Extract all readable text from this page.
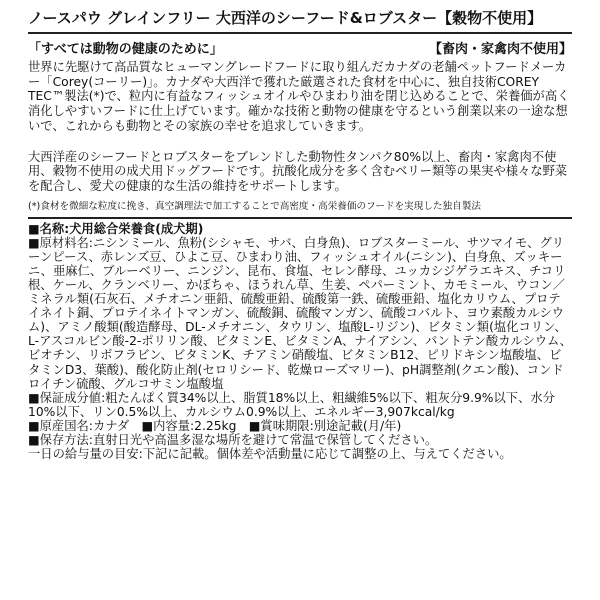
ノースパウ グレインフリー 大西洋のシーフード&ロブスター【穀物不使用】
「すべては動物の健康のために」	【畜肉・家禽肉不使用】

世界に先駆けて高品質なヒューマングレードフードに取り組んだカナダの老舗ペットフードメーカー「Corey(コーリー)」。カナダや大西洋で獲れた厳選された食材を中心に、独自技術COREY TEC™製法(*)で、粒内に有益なフィッシュオイルやひまわり油を閉じ込めることで、栄養価が高く消化しやすいフードに仕上げています。確かな技術と動物の健康を守るという創業以来の一途な想いで、これからも動物とその家族の幸せを追求していきます。

大西洋産のシーフードとロブスターをブレンドした動物性タンパク80%以上、畜肉・家禽肉不使用、穀物不使用の成犬用ドッグフードです。抗酸化成分を多く含むベリー類等の果実や様々な野菜を配合し、愛犬の健康的な生活の維持をサポートします。

(*)食材を微細な粒度に挽き、真空調理法で加工することで高密度・高栄養価のフードを実現した独自製法

■名称:犬用総合栄養食(成犬期)

■原材料名:ニシンミール、魚粉(シシャモ、サバ、白身魚)、ロブスターミール、サツマイモ、グリーンピース、赤レンズ豆、ひよこ豆、ひまわり油、フィッシュオイル(ニシン)、白身魚、ズッキーニ、亜麻仁、ブルーベリー、ニンジン、昆布、食塩、セレン酵母、ユッカシジゲラエキス、チコリ根、ケール、クランベリー、かぼちゃ、ほうれん草、生姜、ペパーミント、カモミール、ウコン／ミネラル類(石灰石、メチオニン亜鉛、硫酸亜鉛、硫酸第一鉄、硫酸亜鉛、塩化カリウム、プロテイネイト銅、プロテイネイトマンガン、硫酸銅、硫酸マンガン、硫酸コバルト、ヨウ素酸カルシウム)、アミノ酸類(酸造酵母、DL-メチオニン、タウリン、塩酸L-リジン)、ビタミン類(塩化コリン、L-アスコルビン酸-2-ポリリン酸、ビタミンE、ビタミンA、ナイアシン、パントテン酸カルシウム、ビオチン、リボフラビン、ビタミンK、チアミン硝酸塩、ビタミンB12、ピリドキシン塩酸塩、ビタミンD3、葉酸)、酸化防止剤(セロリシード、乾燥ローズマリー)、pH調整剤(クエン酸)、コンドロイチン硫酸、グルコサミン塩酸塩

■保証成分値:粗たんぱく質34%以上、脂質18%以上、粗繊維5%以下、粗灰分9.9%以下、水分10%以下、リン0.5%以上、カルシウム0.9%以上、エネルギー3,907kcal/kg

■原産国名:カナダ　■内容量:2.25kg　■賞味期限:別途記載(月/年)

■保存方法:直射日光や高温多湿な場所を避けて常温で保管してください。

一日の給与量の目安:下記に記載。個体差や活動量に応じて調整の上、与えてください。
